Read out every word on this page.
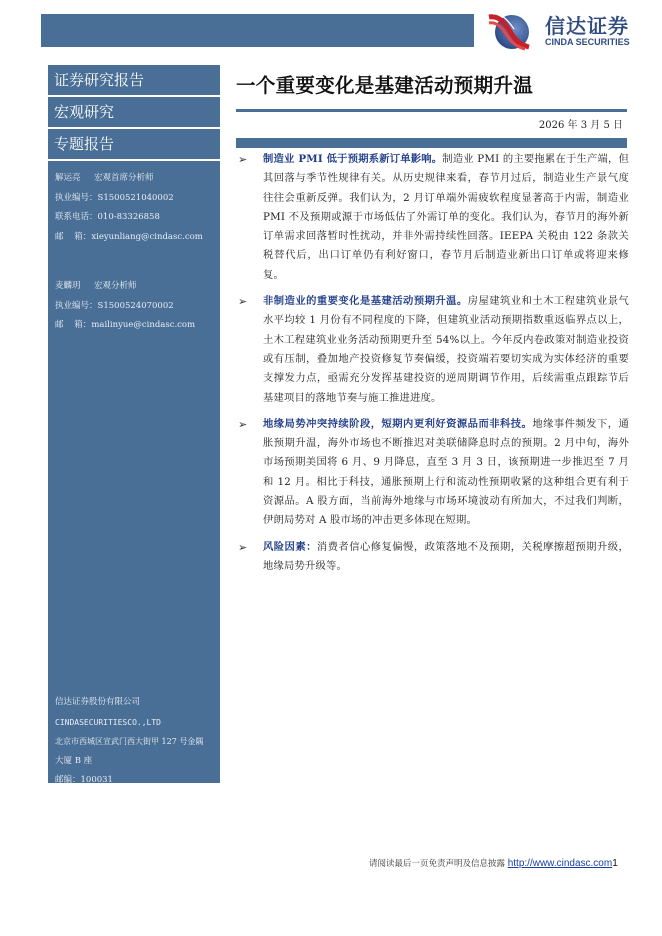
信达证券
CINDA SECURITIES
证券研究报告
宏观研究
专题报告
解运亮 宏观首席分析师
执业编号：S1500521040002
联系电话：010-83326858
邮    箱：xieyunliang@cindasc.com
麦麟玥 宏观分析师
执业编号：S1500524070002
邮    箱：mailinyue@cindasc.com
信达证券股份有限公司
CINDASECURITIESCO.,LTD
北京市西城区宣武门西大街甲 127 号金隅
大厦 B 座
邮编：100031
一个重要变化是基建活动预期升温
2026 年 3 月 5 日
➢	制造业 PMI 低于预期系新订单影响。制造业 PMI 的主要拖累在于生产端，但其回落与季节性规律有关。从历史规律来看，春节月过后，制造业生产景气度往往会重新反弹。我们认为，2 月订单端外需疲软程度显著高于内需，制造业 PMI 不及预期或源于市场低估了外需订单的变化。我们认为，春节月的海外新订单需求回落暂时性扰动，并非外需持续性回落。IEEPA 关税由 122 条款关税替代后，出口订单仍有利好窗口，春节月后制造业新出口订单或将迎来修复。
➢	非制造业的重要变化是基建活动预期升温。房屋建筑业和土木工程建筑业景气水平均较 1 月份有不同程度的下降，但建筑业活动预期指数重返临界点以上，土木工程建筑业业务活动预期更升至 54%以上。今年反内卷政策对制造业投资或有压制，叠加地产投资修复节奏偏缓，投资端若要切实成为实体经济的重要支撑发力点，亟需充分发挥基建投资的逆周期调节作用，后续需重点跟踪节后基建项目的落地节奏与施工推进进度。
➢	地缘局势冲突持续阶段，短期内更利好资源品而非科技。地缘事件频发下，通胀预期升温，海外市场也不断推迟对美联储降息时点的预期。2 月中旬，海外市场预期美国将 6 月、9 月降息，直至 3 月 3 日，该预期进一步推迟至 7 月和 12 月。相比于科技，通胀预期上行和流动性预期收紧的这种组合更有利于资源品。A 股方面，当前海外地缘与市场环境波动有所加大，不过我们判断，伊朗局势对 A 股市场的冲击更多体现在短期。
➢	风险因素：消费者信心修复偏慢，政策落地不及预期，关税摩擦超预期升级，地缘局势升级等。
请阅读最后一页免责声明及信息披露 http://www.cindasc.com1
